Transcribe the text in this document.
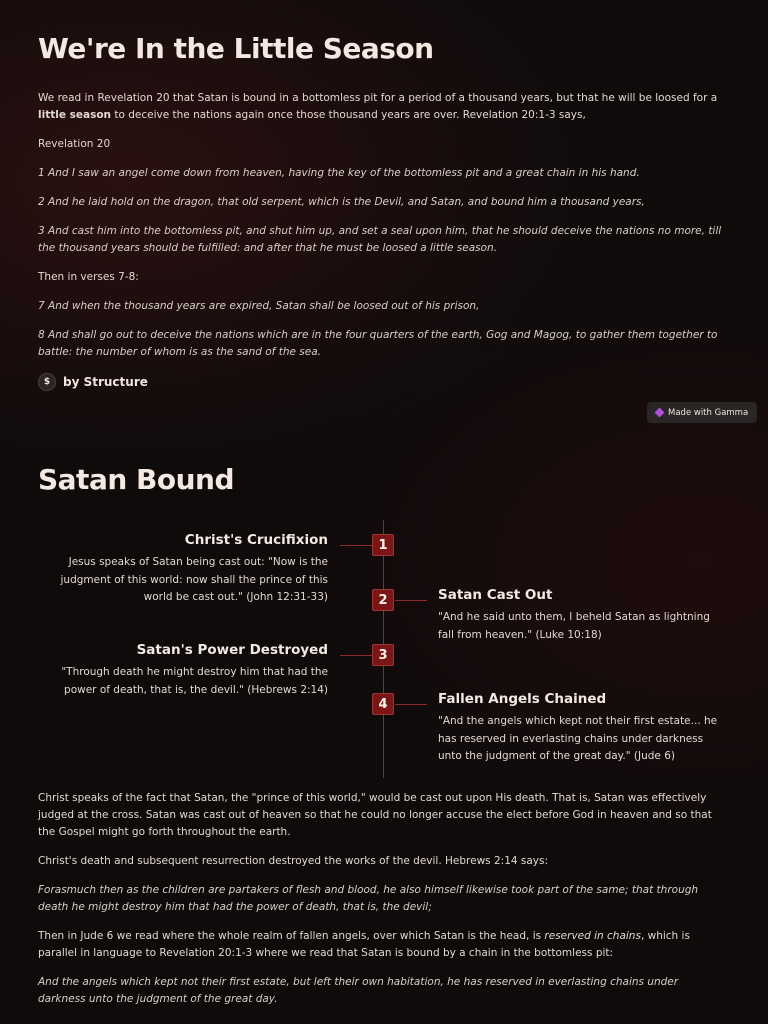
We're In the Little Season

We read in Revelation 20 that Satan is bound in a bottomless pit for a period of a thousand years, but that he will be loosed for a little season to deceive the nations again once those thousand years are over. Revelation 20:1-3 says,

Revelation 20

1 And I saw an angel come down from heaven, having the key of the bottomless pit and a great chain in his hand.

2 And he laid hold on the dragon, that old serpent, which is the Devil, and Satan, and bound him a thousand years,

3 And cast him into the bottomless pit, and shut him up, and set a seal upon him, that he should deceive the nations no more, till the thousand years should be fulfilled: and after that he must be loosed a little season.

Then in verses 7-8:

7 And when the thousand years are expired, Satan shall be loosed out of his prison,

8 And shall go out to deceive the nations which are in the four quarters of the earth, Gog and Magog, to gather them together to battle: the number of whom is as the sand of the sea.

$	by Structure
Made with Gamma
Satan Bound
1
Christ's Crucifixion

Jesus speaks of Satan being cast out: "Now is the judgment of this world: now shall the prince of this world be cast out." (John 12:31-33)	2	Satan Cast Out

"And he said unto them, I beheld Satan as lightning fall from heaven." (Luke 10:18)

3
Satan's Power Destroyed

"Through death he might destroy him that had the power of death, that is, the devil." (Hebrews 2:14)

4	Fallen Angels Chained

"And the angels which kept not their first estate... he has reserved in everlasting chains under darkness unto the judgment of the great day." (Jude 6)

Christ speaks of the fact that Satan, the "prince of this world," would be cast out upon His death. That is, Satan was effectively judged at the cross. Satan was cast out of heaven so that he could no longer accuse the elect before God in heaven and so that the Gospel might go forth throughout the earth.

Christ's death and subsequent resurrection destroyed the works of the devil. Hebrews 2:14 says:

Forasmuch then as the children are partakers of flesh and blood, he also himself likewise took part of the same; that through death he might destroy him that had the power of death, that is, the devil;

Then in Jude 6 we read where the whole realm of fallen angels, over which Satan is the head, is reserved in chains, which is parallel in language to Revelation 20:1-3 where we read that Satan is bound by a chain in the bottomless pit:

And the angels which kept not their first estate, but left their own habitation, he has reserved in everlasting chains under darkness unto the judgment of the great day.
